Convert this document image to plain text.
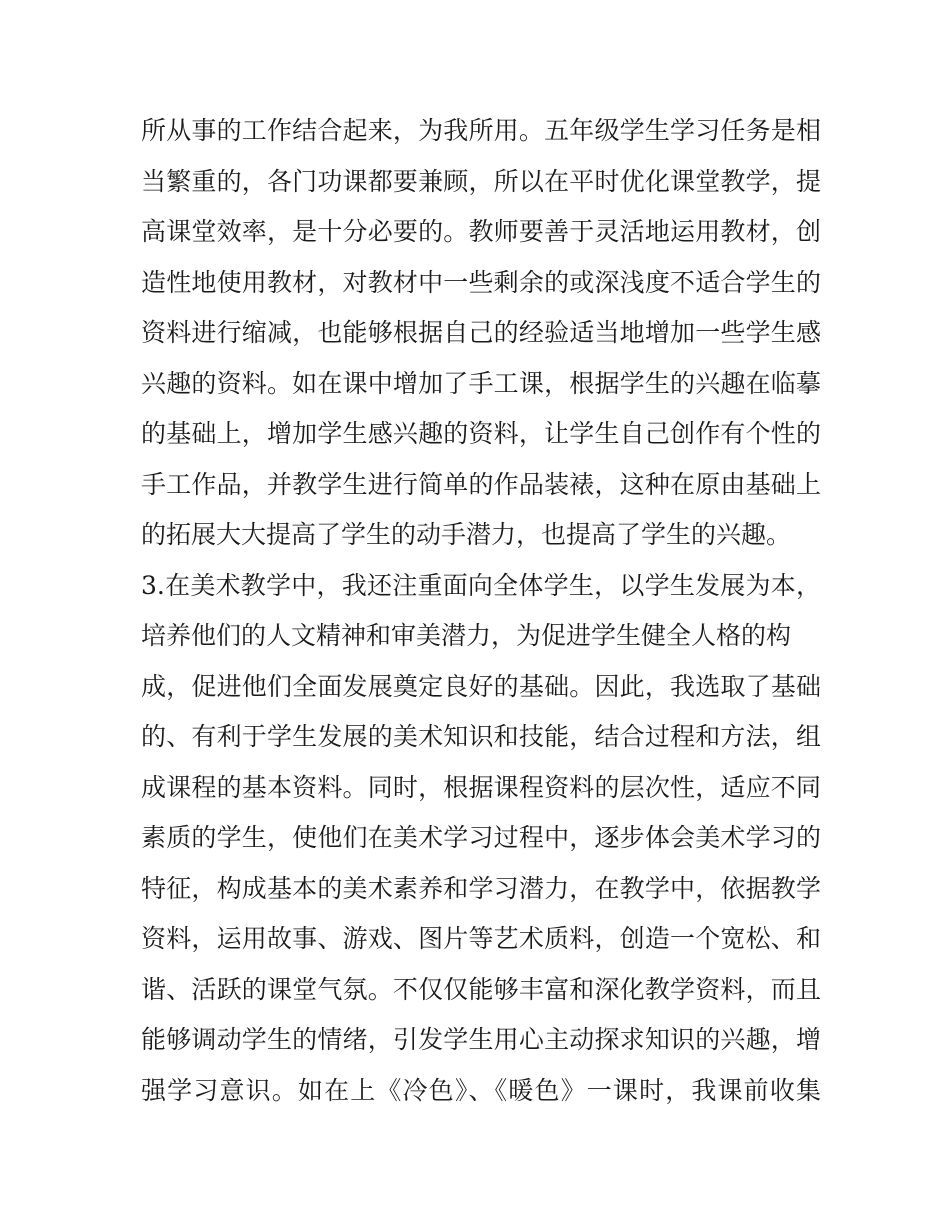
所从事的工作结合起来，为我所用。五年级学生学习任务是相
当繁重的，各门功课都要兼顾，所以在平时优化课堂教学，提
高课堂效率，是十分必要的。教师要善于灵活地运用教材，创
造性地使用教材，对教材中一些剩余的或深浅度不适合学生的
资料进行缩减，也能够根据自己的经验适当地增加一些学生感
兴趣的资料。如在课中增加了手工课，根据学生的兴趣在临摹
的基础上，增加学生感兴趣的资料，让学生自己创作有个性的
手工作品，并教学生进行简单的作品装裱，这种在原由基础上
的拓展大大提高了学生的动手潜力，也提高了学生的兴趣。
3.在美术教学中，我还注重面向全体学生，以学生发展为本，
培养他们的人文精神和审美潜力，为促进学生健全人格的构
成，促进他们全面发展奠定良好的基础。因此，我选取了基础
的、有利于学生发展的美术知识和技能，结合过程和方法，组
成课程的基本资料。同时，根据课程资料的层次性，适应不同
素质的学生，使他们在美术学习过程中，逐步体会美术学习的
特征，构成基本的美术素养和学习潜力，在教学中，依据教学
资料，运用故事、游戏、图片等艺术质料，创造一个宽松、和
谐、活跃的课堂气氛。不仅仅能够丰富和深化教学资料，而且
能够调动学生的情绪，引发学生用心主动探求知识的兴趣，增
强学习意识。如在上《冷色》、《暖色》一课时，我课前收集
